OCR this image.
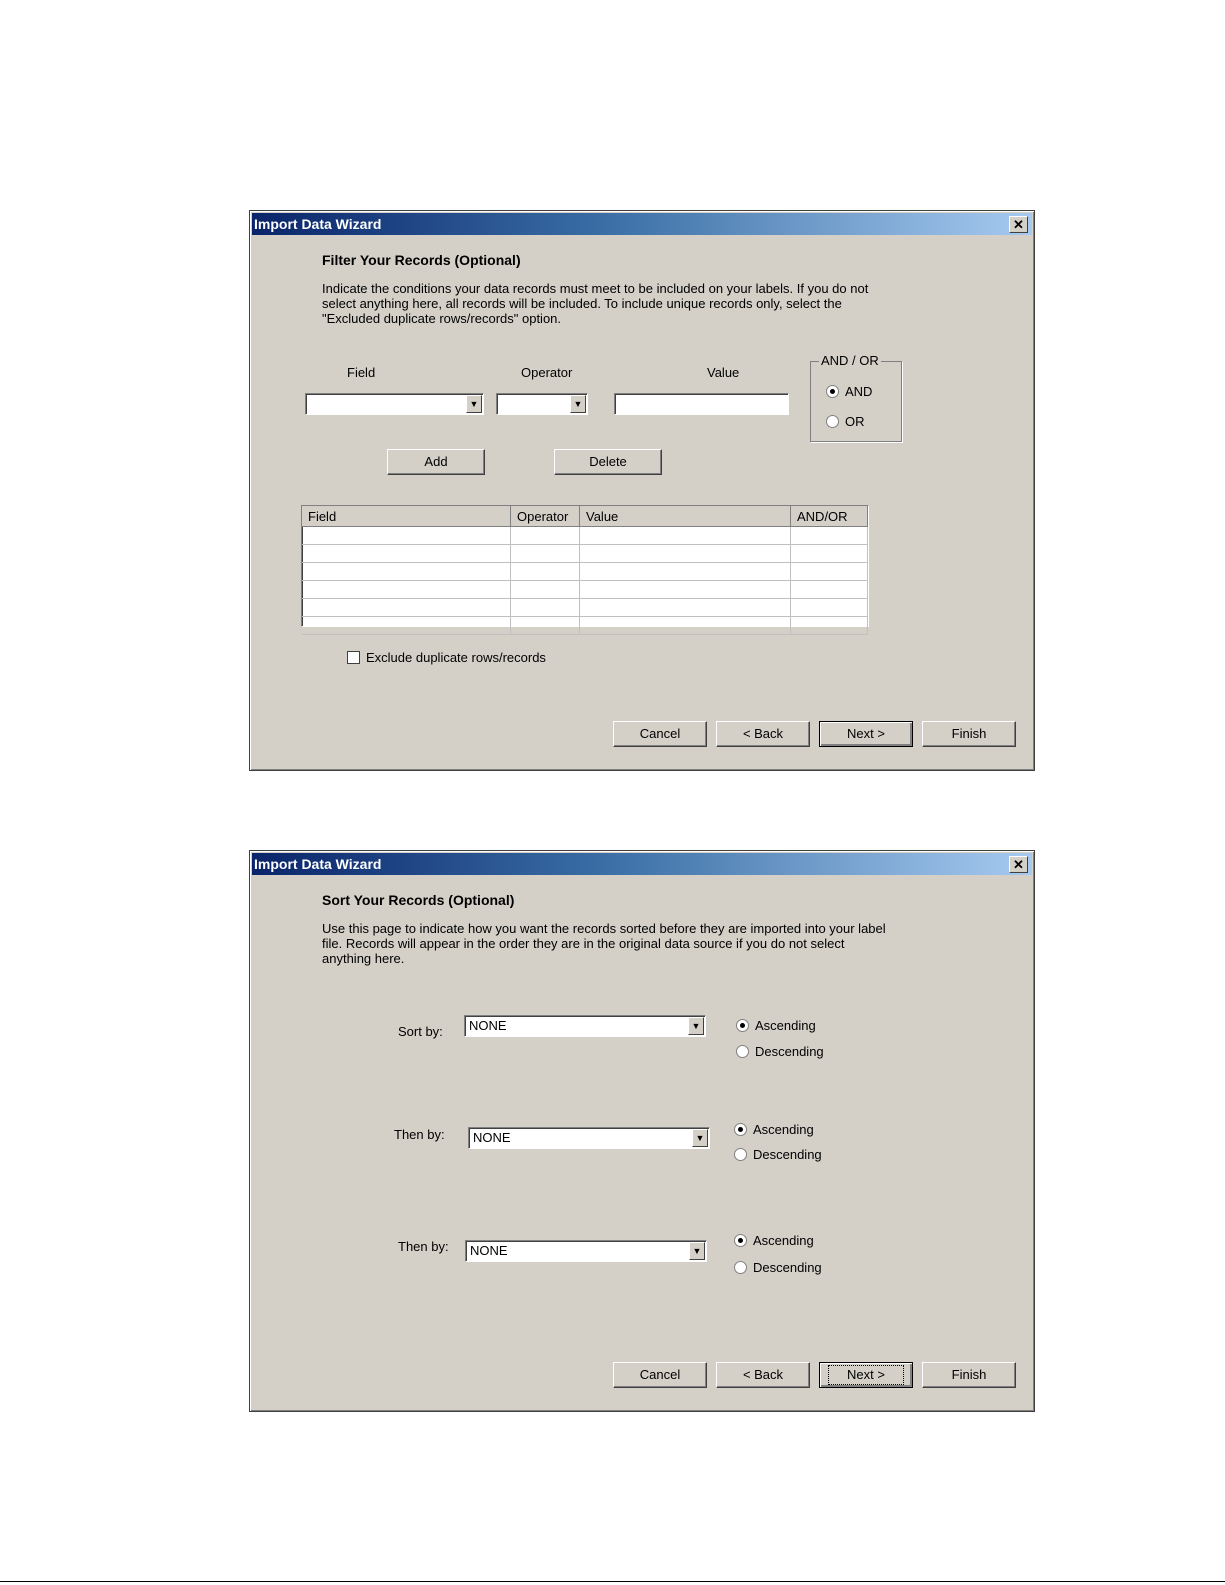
Import Data Wizard	✕
Filter Your Records (Optional)
Indicate the conditions your data records must meet to be included on your labels. If you do not select anything here, all records will be included. To include unique records only, select the "Excluded duplicate rows/records" option.
Field	Operator	Value
▼	▼
AND / OR
AND
OR
Add	Delete
Field	Operator	Value	AND/OR

Exclude duplicate rows/records
Cancel	< Back	Next >	Finish
Import Data Wizard	✕
Sort Your Records (Optional)
Use this page to indicate how you want the records sorted before they are imported into your label file. Records will appear in the order they are in the original data source if you do not select anything here.
Sort by: NONE	▼	Ascending
Descending
Then by: NONE	▼
Ascending
Descending
Then by: NONE	▼
Ascending
Descending
Cancel	< Back	Next >	Finish
